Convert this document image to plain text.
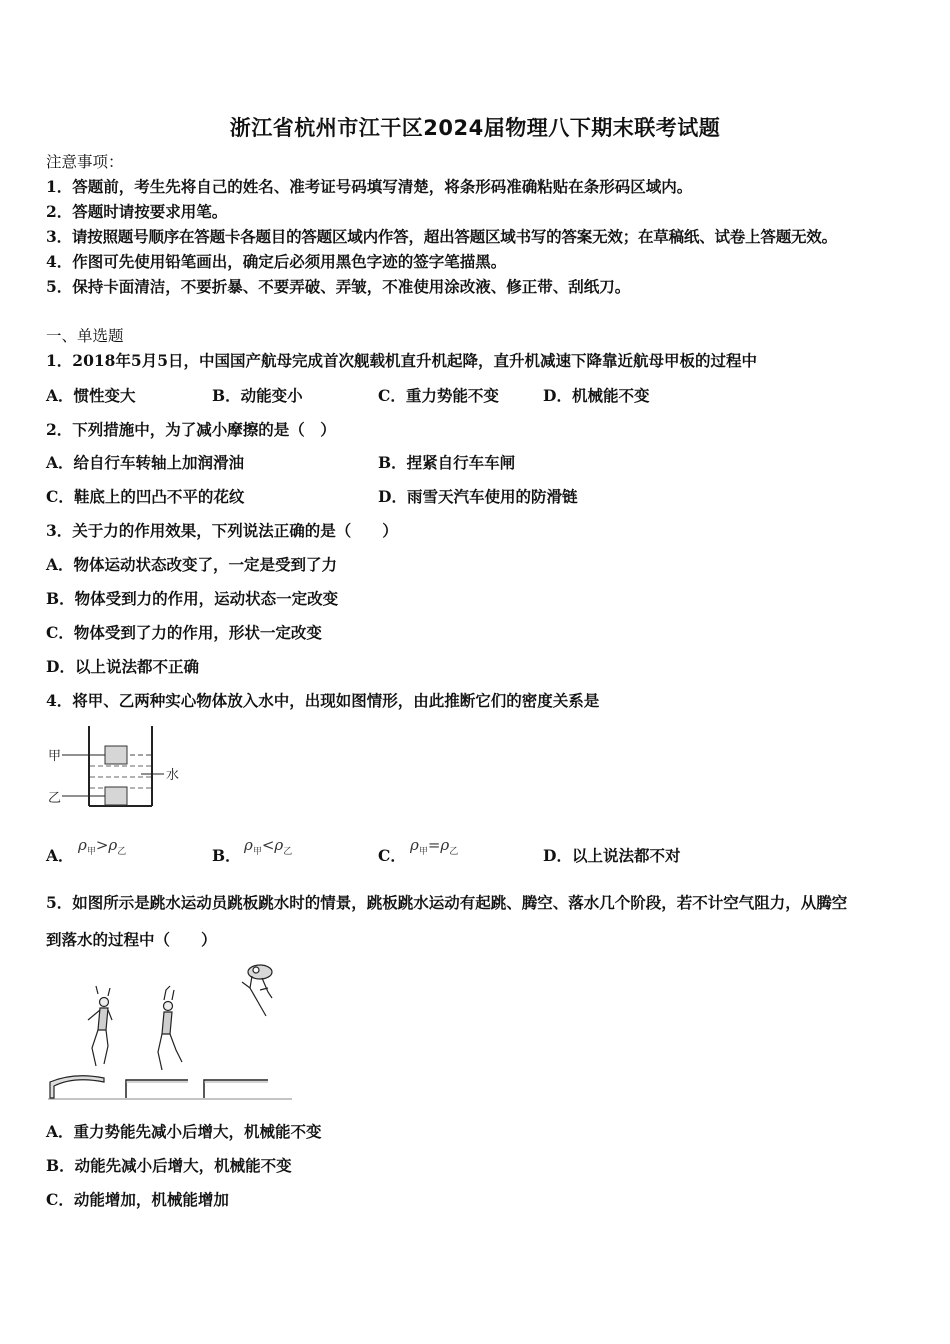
浙江省杭州市江干区2024届物理八下期末联考试题
注意事项：
1．答题前，考生先将自己的姓名、准考证号码填写清楚，将条形码准确粘贴在条形码区域内。
2．答题时请按要求用笔。
3．请按照题号顺序在答题卡各题目的答题区域内作答，超出答题区域书写的答案无效；在草稿纸、试卷上答题无效。
4．作图可先使用铅笔画出，确定后必须用黑色字迹的签字笔描黑。
5．保持卡面清洁，不要折暴、不要弄破、弄皱，不准使用涂改液、修正带、刮纸刀。
一、单选题
1．2018年5月5日，中国国产航母完成首次舰载机直升机起降，直升机减速下降靠近航母甲板的过程中
A．惯性变大	B．动能变小	C．重力势能不变	D．机械能不变
2．下列措施中，为了减小摩擦的是（　）
A．给自行车转轴上加润滑油	B．捏紧自行车车闸
C．鞋底上的凹凸不平的花纹	D．雨雪天汽车使用的防滑链
3．关于力的作用效果，下列说法正确的是（　　）
A．物体运动状态改变了，一定是受到了力
B．物体受到力的作用，运动状态一定改变
C．物体受到了力的作用，形状一定改变
D．以上说法都不正确
4．将甲、乙两种实心物体放入水中，出现如图情形，由此推断它们的密度关系是
甲
乙
水
A．
$\rho_甲>\rho_乙$	B．
$\rho_甲<\rho_乙$	C．
$\rho_甲=\rho_乙$	D．以上说法都不对
5．如图所示是跳水运动员跳板跳水时的情景，跳板跳水运动有起跳、腾空、落水几个阶段，若不计空气阻力，从腾空
到落水的过程中（　　）
A．重力势能先减小后增大，机械能不变
B．动能先减小后增大，机械能不变
C．动能增加，机械能增加
